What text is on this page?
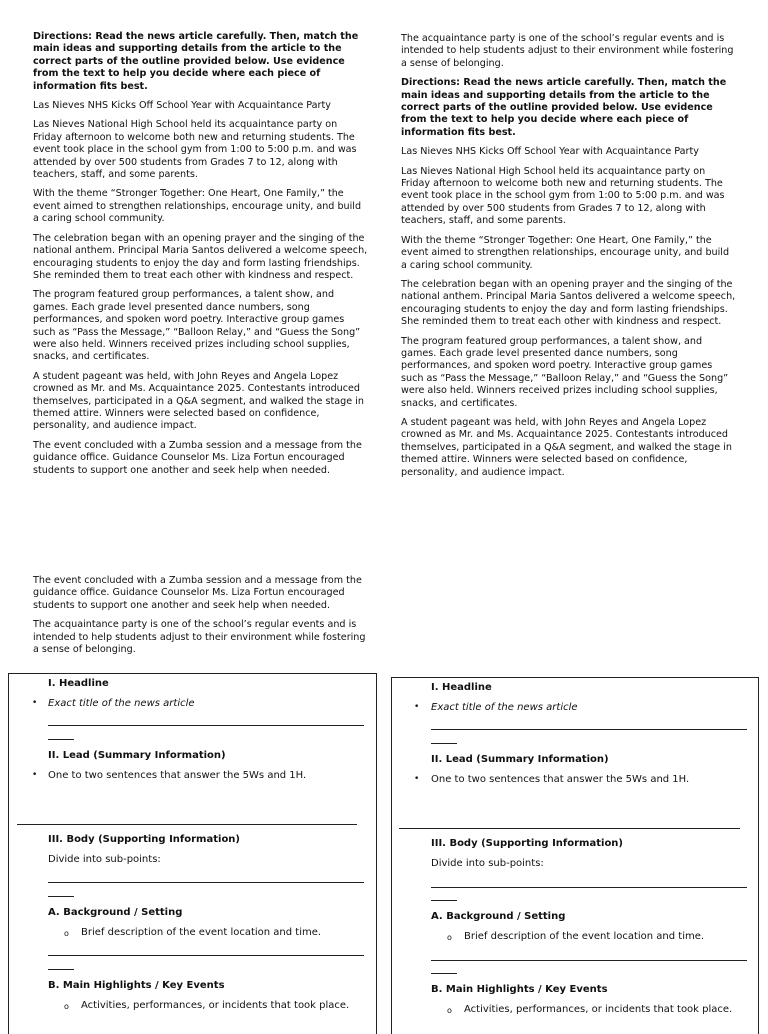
Directions: Read the news article carefully. Then, match the main ideas and supporting details from the article to the correct parts of the outline provided below. Use evidence from the text to help you decide where each piece of information fits best.

Las Nieves NHS Kicks Off School Year with Acquaintance Party

Las Nieves National High School held its acquaintance party on Friday afternoon to welcome both new and returning students. The event took place in the school gym from 1:00 to 5:00 p.m. and was attended by over 500 students from Grades 7 to 12, along with teachers, staff, and some parents.

With the theme “Stronger Together: One Heart, One Family,” the event aimed to strengthen relationships, encourage unity, and build a caring school community.

The celebration began with an opening prayer and the singing of the national anthem. Principal Maria Santos delivered a welcome speech, encouraging students to enjoy the day and form lasting friendships. She reminded them to treat each other with kindness and respect.

The program featured group performances, a talent show, and games. Each grade level presented dance numbers, song performances, and spoken word poetry. Interactive group games such as “Pass the Message,” “Balloon Relay,” and “Guess the Song” were also held. Winners received prizes including school supplies, snacks, and certificates.

A student pageant was held, with John Reyes and Angela Lopez crowned as Mr. and Ms. Acquaintance 2025. Contestants introduced themselves, participated in a Q&A segment, and walked the stage in themed attire. Winners were selected based on confidence, personality, and audience impact.

The event concluded with a Zumba session and a message from the guidance office. Guidance Counselor Ms. Liza Fortun encouraged students to support one another and seek help when needed.

The event concluded with a Zumba session and a message from the guidance office. Guidance Counselor Ms. Liza Fortun encouraged students to support one another and seek help when needed.

The acquaintance party is one of the school’s regular events and is intended to help students adjust to their environment while fostering a sense of belonging.

The acquaintance party is one of the school’s regular events and is intended to help students adjust to their environment while fostering a sense of belonging.

Directions: Read the news article carefully. Then, match the main ideas and supporting details from the article to the correct parts of the outline provided below. Use evidence from the text to help you decide where each piece of information fits best.

Las Nieves NHS Kicks Off School Year with Acquaintance Party

Las Nieves National High School held its acquaintance party on Friday afternoon to welcome both new and returning students. The event took place in the school gym from 1:00 to 5:00 p.m. and was attended by over 500 students from Grades 7 to 12, along with teachers, staff, and some parents.

With the theme “Stronger Together: One Heart, One Family,” the event aimed to strengthen relationships, encourage unity, and build a caring school community.

The celebration began with an opening prayer and the singing of the national anthem. Principal Maria Santos delivered a welcome speech, encouraging students to enjoy the day and form lasting friendships. She reminded them to treat each other with kindness and respect.

The program featured group performances, a talent show, and games. Each grade level presented dance numbers, song performances, and spoken word poetry. Interactive group games such as “Pass the Message,” “Balloon Relay,” and “Guess the Song” were also held. Winners received prizes including school supplies, snacks, and certificates.

A student pageant was held, with John Reyes and Angela Lopez crowned as Mr. and Ms. Acquaintance 2025. Contestants introduced themselves, participated in a Q&A segment, and walked the stage in themed attire. Winners were selected based on confidence, personality, and audience impact.

I. Headline
• Exact title of the news article
II. Lead (Summary Information)
• One to two sentences that answer the 5Ws and 1H.
III. Body (Supporting Information)
Divide into sub-points:
A. Background / Setting
o Brief description of the event location and time.
B. Main Highlights / Key Events
o Activities, performances, or incidents that took place.
I. Headline
• Exact title of the news article
II. Lead (Summary Information)
• One to two sentences that answer the 5Ws and 1H.
III. Body (Supporting Information)
Divide into sub-points:
A. Background / Setting
o Brief description of the event location and time.
B. Main Highlights / Key Events
o Activities, performances, or incidents that took place.
